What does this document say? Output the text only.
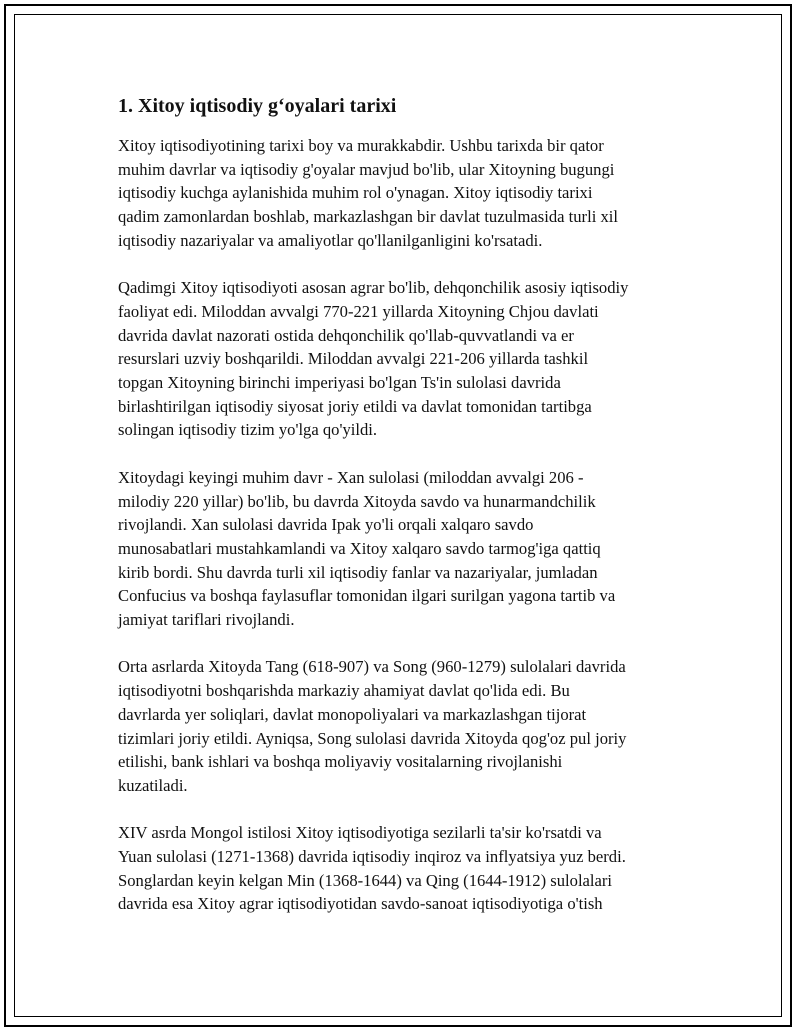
1. Xitoy iqtisodiy g‘oyalari tarixi
Xitoy iqtisodiyotining tarixi boy va murakkabdir. Ushbu tarixda bir qator
muhim davrlar va iqtisodiy g'oyalar mavjud bo'lib, ular Xitoyning bugungi
iqtisodiy kuchga aylanishida muhim rol o'ynagan. Xitoy iqtisodiy tarixi
qadim zamonlardan boshlab, markazlashgan bir davlat tuzulmasida turli xil
iqtisodiy nazariyalar va amaliyotlar qo'llanilganligini ko'rsatadi.
Qadimgi Xitoy iqtisodiyoti asosan agrar bo'lib, dehqonchilik asosiy iqtisodiy
faoliyat edi. Miloddan avvalgi 770-221 yillarda Xitoyning Chjou davlati
davrida davlat nazorati ostida dehqonchilik qo'llab-quvvatlandi va er
resurslari uzviy boshqarildi. Miloddan avvalgi 221-206 yillarda tashkil
topgan Xitoyning birinchi imperiyasi bo'lgan Ts'in sulolasi davrida
birlashtirilgan iqtisodiy siyosat joriy etildi va davlat tomonidan tartibga
solingan iqtisodiy tizim yo'lga qo'yildi.
Xitoydagi keyingi muhim davr - Xan sulolasi (miloddan avvalgi 206 -
milodiy 220 yillar) bo'lib, bu davrda Xitoyda savdo va hunarmandchilik
rivojlandi. Xan sulolasi davrida Ipak yo'li orqali xalqaro savdo
munosabatlari mustahkamlandi va Xitoy xalqaro savdo tarmog'iga qattiq
kirib bordi. Shu davrda turli xil iqtisodiy fanlar va nazariyalar, jumladan
Confucius va boshqa faylasuflar tomonidan ilgari surilgan yagona tartib va
jamiyat tariflari rivojlandi.
Orta asrlarda Xitoyda Tang (618-907) va Song (960-1279) sulolalari davrida
iqtisodiyotni boshqarishda markaziy ahamiyat davlat qo'lida edi. Bu
davrlarda yer soliqlari, davlat monopoliyalari va markazlashgan tijorat
tizimlari joriy etildi. Ayniqsa, Song sulolasi davrida Xitoyda qog'oz pul joriy
etilishi, bank ishlari va boshqa moliyaviy vositalarning rivojlanishi
kuzatiladi.
XIV asrda Mongol istilosi Xitoy iqtisodiyotiga sezilarli ta'sir ko'rsatdi va
Yuan sulolasi (1271-1368) davrida iqtisodiy inqiroz va inflyatsiya yuz berdi.
Songlardan keyin kelgan Min (1368-1644) va Qing (1644-1912) sulolalari
davrida esa Xitoy agrar iqtisodiyotidan savdo-sanoat iqtisodiyotiga o'tish
